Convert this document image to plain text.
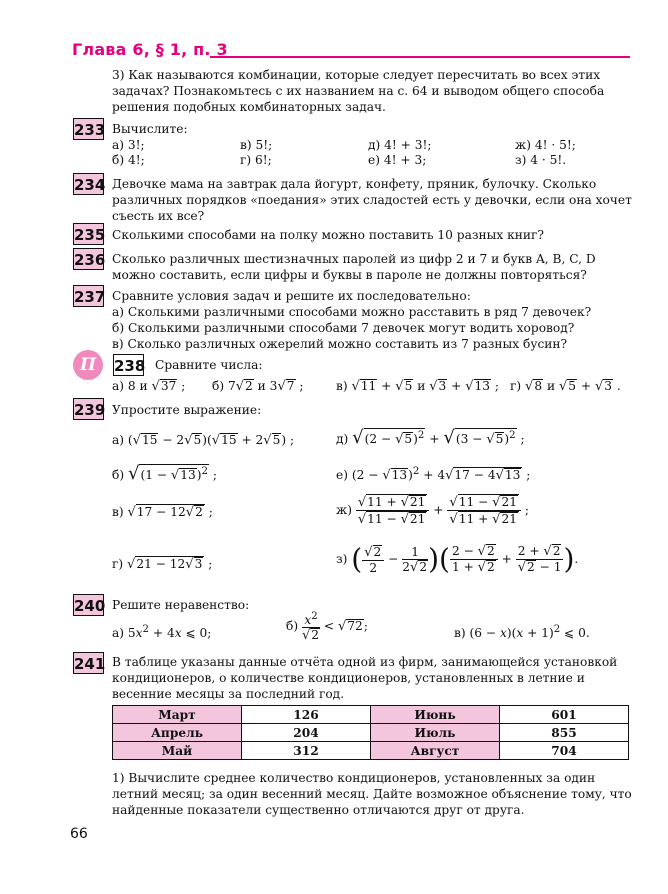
Глава 6, § 1, п. 3
3) Как называются комбинации, которые следует пересчитать во всех этих задачах? Познакомьтесь с их названием на с. 64 и выводом общего способа решения подобных комбинаторных задач.
233 Вычислите:
а) 3!;	в) 5!;	д) 4! + 3!;	ж) 4! · 5!;
б) 4!;	г) 6!;	е) 4! + 3;	з) 4 · 5!.
234 Девочке мама на завтрак дала йогурт, конфету, пряник, булочку. Сколько различных порядков «поедания» этих сладостей есть у девочки, если она хочет съесть их все?
235 Сколькими способами на полку можно поставить 10 разных книг?
236 Сколько различных шестизначных паролей из цифр 2 и 7 и букв A, B, C, D можно составить, если цифры и буквы в пароле не должны повторяться?
237 Сравните условия задач и решите их последовательно:
а) Сколькими различными способами можно расставить в ряд 7 девочек?
б) Сколькими различными способами 7 девочек могут водить хоровод?
в) Сколько различных ожерелий можно составить из 7 разных бусин?
П	238 Сравните числа:
а) 8 и √37 ; б) 7√2 и 3√7 ;	в) √11 + √5 и √3 + √13 ; г) √8 и √5 + √3 .
239 Упростите выражение:
а) (√15 − 2√5)(√15 + 2√5) ;	д) $√(2 - √5)^2 + √(3 - √5)^2$ ;
б) $√(1 - √13)^2$ ;	е) $(2 - √13)^2 + 4√17 - 4√13$ ;
в) √17 − 12√2 ;	$ж) \frac{√11 + √21}{√11 - √21} + \frac{√11 - √21}{√11 + √21}$ ;
г) √21 − 12√3 ;	з) ( $\frac{√2}{2} - \frac{1}{2√2}$ )( $\frac{2 - √2}{1 + √2} + \frac{2 + √2}{√2 - 1}$ ).
240 Решите неравенство:
а) $5x^2 + 4x$ ⩽ 0;
$б) \frac{x^2}{√2} < √72$;
в) $(6 - x)(x + 1)^2$ ⩽ 0.
241 В таблице указаны данные отчёта одной из фирм, занимающейся установкой кондиционеров, о количестве кондиционеров, установленных в летние и весенние месяцы за последний год.
Март	126	Июнь	601
Апрель	204	Июль	855
Май	312	Август	704
1) Вычислите среднее количество кондиционеров, установленных за один летний месяц; за один весенний месяц. Дайте возможное объяснение тому, что найденные показатели существенно отличаются друг от друга.
66
